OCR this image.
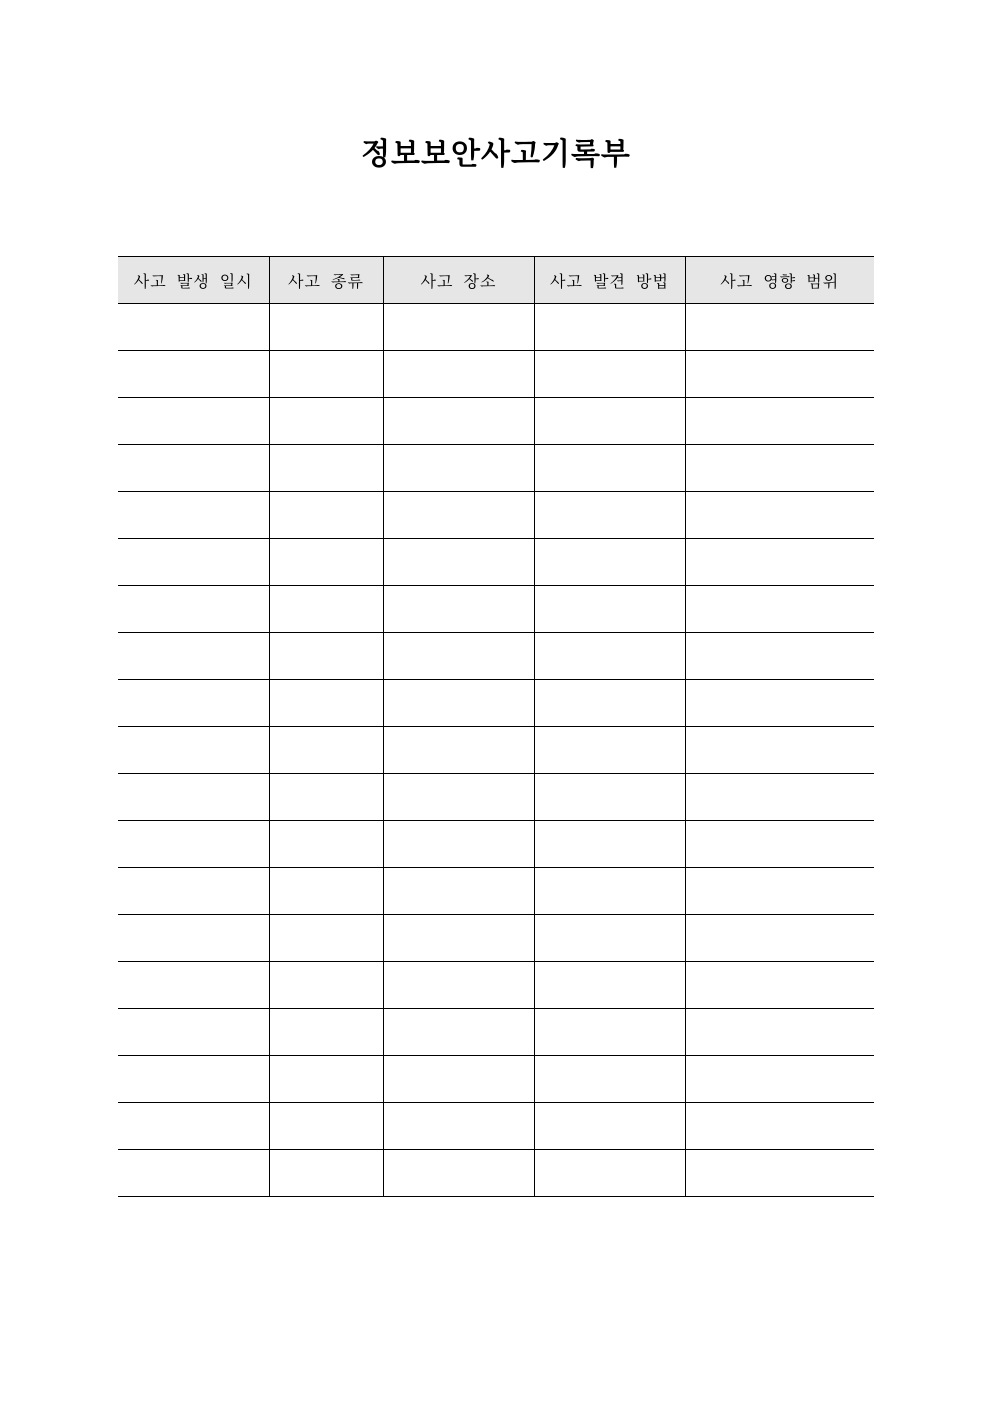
정보보안사고기록부
사고 발생 일시	사고 종류	사고 장소	사고 발견 방법	사고 영향 범위
